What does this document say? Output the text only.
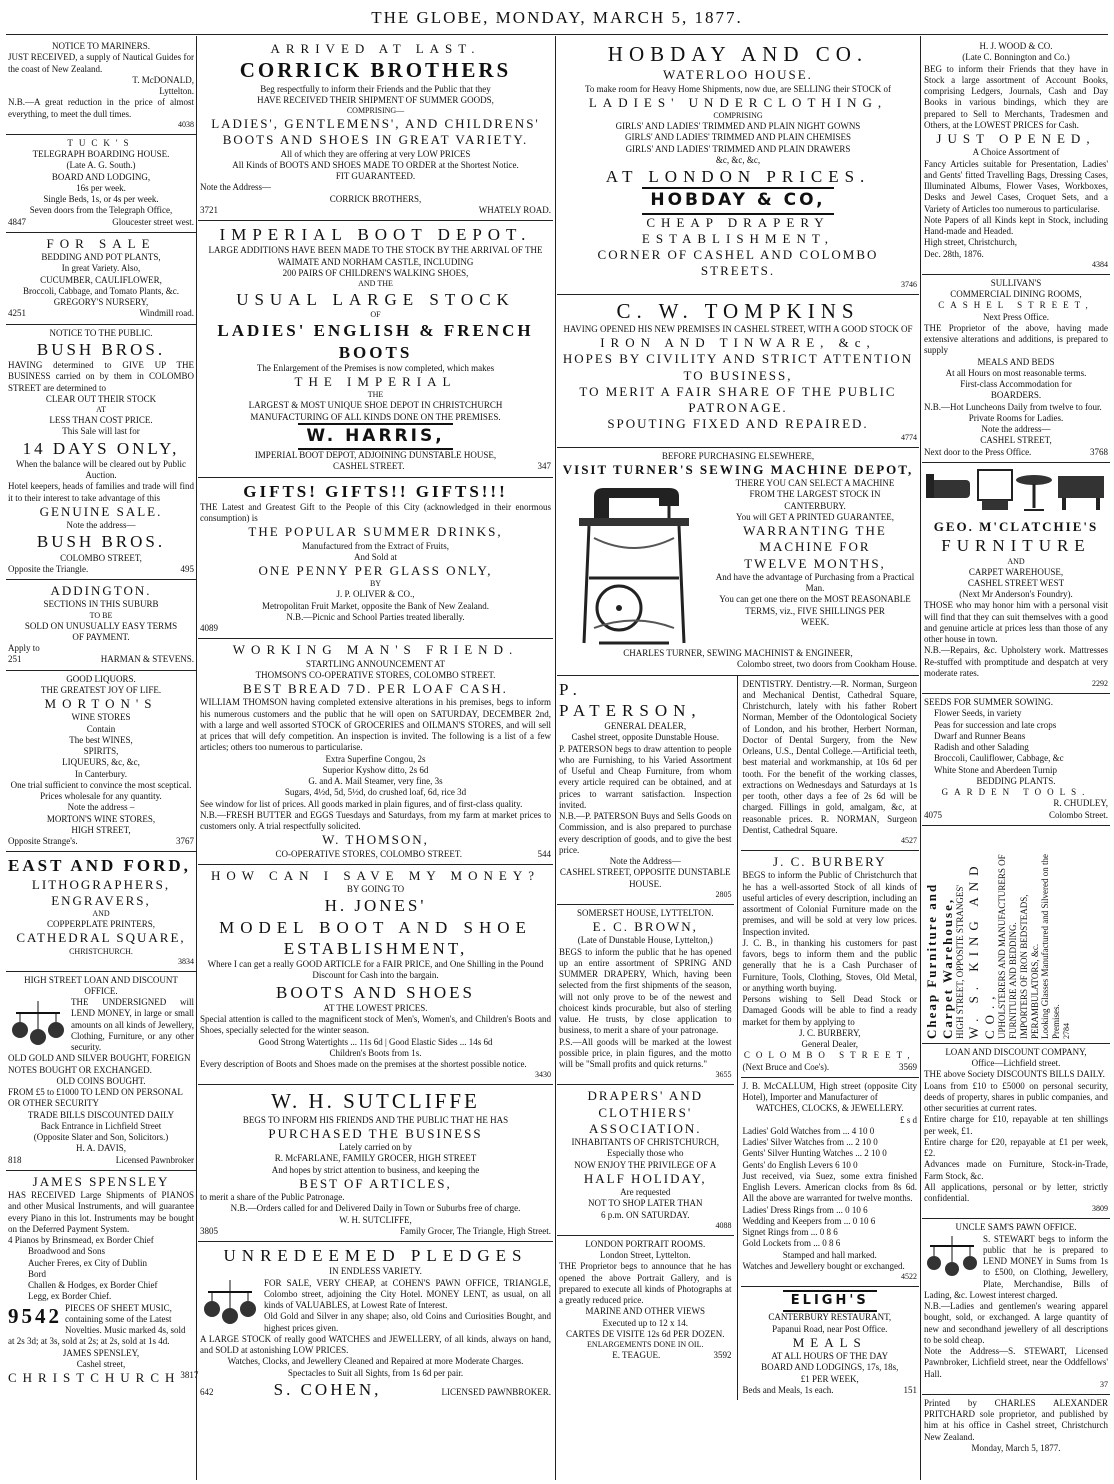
THE GLOBE, MONDAY, MARCH 5, 1877.
NOTICE TO MARINERS.
JUST RECEIVED, a supply of Nautical Guides for the coast of New Zealand.
T. McDONALD,
Lyttelton.
N.B.—A great reduction in the price of almost everything, to meet the dull times.
4038
TUCK'S
TELEGRAPH BOARDING HOUSE.
(Late A. G. South.)
BOARD AND LODGING,
16s per week.
Single Beds, 1s, or 4s per week.
Seven doors from the Telegraph Office,
4847	Gloucester street west.
FOR SALE
BEDDING AND POT PLANTS,
In great Variety. Also,
CUCUMBER, CAULIFLOWER,
Broccoli, Cabbage, and Tomato Plants, &c.
GREGORY'S NURSERY,
4251	Windmill road.
NOTICE TO THE PUBLIC.
BUSH BROS.
HAVING determined to GIVE UP THE BUSINESS carried on by them in COLOMBO STREET are determined to
CLEAR OUT THEIR STOCK
AT
LESS THAN COST PRICE.
This Sale will last for
14 DAYS ONLY,
When the balance will be cleared out by Public Auction.
Hotel keepers, heads of families and trade will find it to their interest to take advantage of this
GENUINE SALE.
Note the address—
BUSH BROS.
COLOMBO STREET,
Opposite the Triangle.	495
ADDINGTON.
SECTIONS IN THIS SUBURB
TO BE
SOLD ON UNUSUALLY EASY TERMS
OF PAYMENT.
Apply to
251	HARMAN & STEVENS.
GOOD LIQUORS.
THE GREATEST JOY OF LIFE.
MORTON'S
WINE STORES
Contain
The best WINES,
SPIRITS,
LIQUEURS, &c, &c,
In Canterbury.
One trial sufficient to convince the most sceptical.
Prices wholesale for any quantity.
Note the address –
MORTON'S WINE STORES,
HIGH STREET,
Opposite Strange's.	3767
EAST AND FORD,
LITHOGRAPHERS, ENGRAVERS,
AND
COPPERPLATE PRINTERS,
CATHEDRAL SQUARE,
CHRISTCHURCH.
3834
HIGH STREET LOAN AND DISCOUNT OFFICE.
THE UNDERSIGNED will LEND MONEY, in large or small amounts on all kinds of Jewellery, Clothing, Furniture, or any other security.
OLD GOLD AND SILVER BOUGHT, FOREIGN NOTES BOUGHT OR EXCHANGED.
OLD COINS BOUGHT.
FROM £5 to £1000 TO LEND ON PERSONAL OR OTHER SECURITY
TRADE BILLS DISCOUNTED DAILY
Back Entrance in Lichfield Street
(Opposite Slater and Son, Solicitors.)
H. A. DAVIS,
818	Licensed Pawnbroker
JAMES SPENSLEY
HAS RECEIVED Large Shipments of PIANOS and other Musical Instruments, and will guarantee every Piano in this lot. Instruments may be bought on the Deferred Payment System.
4 Pianos by Brinsmead, ex Border Chief
Broadwood and Sons
Aucher Freres, ex City of Dublin
Bord
Challen & Hodges, ex Border Chief
Legg, ex Border Chief.
9542 PIECES OF SHEET MUSIC, containing some of the Latest Novelties. Music marked 4s, sold at 2s 3d; at 3s, sold at 2s; at 2s, sold at 1s 4d.
JAMES SPENSLEY,
Cashel street,
CHRISTCHURCH 3817
ARRIVED AT LAST.
CORRICK BROTHERS
Beg respectfully to inform their Friends and the Public that they
HAVE RECEIVED THEIR SHIPMENT OF SUMMER GOODS,
COMPRISING—
LADIES', GENTLEMENS', AND CHILDRENS'
BOOTS AND SHOES IN GREAT VARIETY.
All of which they are offering at very LOW PRICES
All Kinds of BOOTS AND SHOES MADE TO ORDER at the Shortest Notice.
FIT GUARANTEED.
Note the Address—
CORRICK BROTHERS,
3721	WHATELY ROAD.
IMPERIAL BOOT DEPOT.
LARGE ADDITIONS HAVE BEEN MADE TO THE STOCK BY THE ARRIVAL OF THE WAIMATE AND NORHAM CASTLE, INCLUDING
200 PAIRS OF CHILDREN'S WALKING SHOES,
AND THE
USUAL LARGE STOCK
OF
LADIES' ENGLISH & FRENCH BOOTS
The Enlargement of the Premises is now completed, which makes
THE IMPERIAL
THE
LARGEST & MOST UNIQUE SHOE DEPOT IN CHRISTCHURCH
MANUFACTURING OF ALL KINDS DONE ON THE PREMISES.
W. HARRIS,
IMPERIAL BOOT DEPOT, ADJOINING DUNSTABLE HOUSE,
CASHEL STREET.	347
GIFTS! GIFTS!! GIFTS!!!
THE Latest and Greatest Gift to the People of this City (acknowledged in their enormous consumption) is
THE POPULAR SUMMER DRINKS,
Manufactured from the Extract of Fruits,
And Sold at
ONE PENNY PER GLASS ONLY,
BY
J. P. OLIVER & CO.,
Metropolitan Fruit Market, opposite the Bank of New Zealand.
N.B.—Picnic and School Parties treated liberally.
4089
WORKING MAN'S FRIEND.
STARTLING ANNOUNCEMENT AT
THOMSON'S CO-OPERATIVE STORES, COLOMBO STREET.
BEST BREAD 7D. PER LOAF CASH.
WILLIAM THOMSON having completed extensive alterations in his premises, begs to inform his numerous customers and the public that he will open on SATURDAY, DECEMBER 2nd, with a large and well assorted STOCK of GROCERIES and OILMAN'S STORES, and will sell at prices that will defy competition. An inspection is invited. The following is a list of a few articles; others too numerous to particularise.
Extra Superfine Congou, 2s
Superior Kyshow ditto, 2s 6d
G. and A. Mail Steamer, very fine, 3s
Sugars, 4½d, 5d, 5½d, do crushed loaf, 6d, rice 3d
See window for list of prices. All goods marked in plain figures, and of first-class quality.
N.B.—FRESH BUTTER and EGGS Tuesdays and Saturdays, from my farm at market prices to customers only. A trial respectfully solicited.
W. THOMSON,
CO-OPERATIVE STORES, COLOMBO STREET.	544
HOW CAN I SAVE MY MONEY?
BY GOING TO
H. JONES'
MODEL BOOT AND SHOE
ESTABLISHMENT,
Where I can get a really GOOD ARTICLE for a FAIR PRICE, and One Shilling in the Pound Discount for Cash into the bargain.
BOOTS AND SHOES
AT THE LOWEST PRICES.
Special attention is called to the magnificent stock of Men's, Women's, and Children's Boots and Shoes, specially selected for the winter season.
Good Strong Watertights ... 11s 6d | Good Elastic Sides ... 14s 6d
Children's Boots from 1s.
Every description of Boots and Shoes made on the premises at the shortest possible notice.
3430
W. H. SUTCLIFFE
BEGS TO INFORM HIS FRIENDS AND THE PUBLIC THAT HE HAS
PURCHASED THE BUSINESS
Lately carried on by
R. McFARLANE, FAMILY GROCER, HIGH STREET
And hopes by strict attention to business, and keeping the
BEST OF ARTICLES,
to merit a share of the Public Patronage.
N.B.—Orders called for and Delivered Daily in Town or Suburbs free of charge.
W. H. SUTCLIFFE,
3805	Family Grocer, The Triangle, High Street.
UNREDEEMED PLEDGES
IN ENDLESS VARIETY.
FOR SALE, VERY CHEAP, at COHEN'S PAWN OFFICE, TRIANGLE, Colombo street, adjoining the City Hotel. MONEY LENT, as usual, on all kinds of VALUABLES, at Lowest Rate of Interest.
Old Gold and Silver in any shape; also, old Coins and Curiosities Bought, and highest prices given.
A LARGE STOCK of really good WATCHES and JEWELLERY, of all kinds, always on hand, and SOLD at astonishing LOW PRICES.
Watches, Clocks, and Jewellery Cleaned and Repaired at more Moderate Charges.
Spectacles to Suit all Sights, from 1s 6d per pair.
642	S. COHEN,	LICENSED PAWNBROKER.
HOBDAY AND CO.
WATERLOO HOUSE.
To make room for Heavy Home Shipments, now due, are SELLING their STOCK of
LADIES' UNDERCLOTHING,
COMPRISING
GIRLS' AND LADIES' TRIMMED AND PLAIN NIGHT GOWNS
GIRLS' AND LADIES' TRIMMED AND PLAIN CHEMISES
GIRLS' AND LADIES' TRIMMED AND PLAIN DRAWERS
&c, &c, &c,
AT LONDON PRICES.
HOBDAY & CO,
CHEAP DRAPERY ESTABLISHMENT,
CORNER OF CASHEL AND COLOMBO STREETS.
3746
C. W. TOMPKINS
HAVING OPENED HIS NEW PREMISES IN CASHEL STREET, WITH A GOOD STOCK OF
IRON AND TINWARE, &c,
HOPES BY CIVILITY AND STRICT ATTENTION TO BUSINESS,
TO MERIT A FAIR SHARE OF THE PUBLIC PATRONAGE.
SPOUTING FIXED AND REPAIRED.
4774
BEFORE PURCHASING ELSEWHERE,
VISIT TURNER'S SEWING MACHINE DEPOT,
THERE YOU CAN SELECT A MACHINE
FROM THE LARGEST STOCK IN
CANTERBURY.
You will GET A PRINTED GUARANTEE,
WARRANTING THE MACHINE FOR
TWELVE MONTHS,
And have the advantage of Purchasing from a Practical Man.
You can get one there on the MOST REASONABLE
TERMS, viz., FIVE SHILLINGS PER
WEEK.
CHARLES TURNER, SEWING MACHINIST & ENGINEER,
Colombo street, two doors from Cookham House.
P. PATERSON,
GENERAL DEALER,
Cashel street, opposite Dunstable House.
P. PATERSON begs to draw attention to people who are Furnishing, to his Varied Assortment of Useful and Cheap Furniture, from whom every article required can be obtained, and at prices to warrant satisfaction. Inspection invited.
N.B.—P. PATERSON Buys and Sells Goods on Commission, and is also prepared to purchase every description of goods, and to give the best price.
Note the Address—
CASHEL STREET, OPPOSITE DUNSTABLE HOUSE.
2805
SOMERSET HOUSE, LYTTELTON.
E. C. BROWN,
(Late of Dunstable House, Lyttelton,)
BEGS to inform the public that he has opened up an entire assortment of SPRING AND SUMMER DRAPERY, Which, having been selected from the first shipments of the season, will not only prove to be of the newest and choicest kinds procurable, but also of sterling value. He trusts, by close application to business, to merit a share of your patronage.
P.S.—All goods will be marked at the lowest possible price, in plain figures, and the motto will be "Small profits and quick returns."
3655
DRAPERS' AND CLOTHIERS' ASSOCIATION.
INHABITANTS OF CHRISTCHURCH,
Especially those who
NOW ENJOY THE PRIVILEGE OF A
HALF HOLIDAY,
Are requested
NOT TO SHOP LATER THAN
6 p.m. ON SATURDAY.
4088
LONDON PORTRAIT ROOMS.
London Street, Lyttelton.
THE Proprietor begs to announce that he has opened the above Portrait Gallery, and is prepared to execute all kinds of Photographs at a greatly reduced price.
MARINE AND OTHER VIEWS
Executed up to 12 x 14.
CARTES DE VISITE 12s 6d PER DOZEN.
ENLARGEMENTS DONE IN OIL.
E. TEAGUE.	3592
DENTISTRY. Dentistry.—R. Norman, Surgeon and Mechanical Dentist, Cathedral Square, Christchurch, lately with his father Robert Norman, Member of the Odontological Society of London, and his brother, Herbert Norman, Doctor of Dental Surgery, from the New Orleans, U.S., Dental College.—Artificial teeth, best material and workmanship, at 10s 6d per tooth. For the benefit of the working classes, extractions on Wednesdays and Saturdays at 1s per tooth, other days a fee of 2s 6d will be charged. Fillings in gold, amalgam, &c, at reasonable prices. R. NORMAN, Surgeon Dentist, Cathedral Square.
4527
J. C. BURBERY
BEGS to inform the Public of Christchurch that he has a well-assorted Stock of all kinds of useful articles of every description, including an assortment of Colonial Furniture made on the premises, and will be sold at very low prices. Inspection invited.
J. C. B., in thanking his customers for past favors, begs to inform them and the public generally that he is a Cash Purchaser of Furniture, Tools, Clothing, Stoves, Old Metal, or anything worth buying.
Persons wishing to Sell Dead Stock or Damaged Goods will be able to find a ready market for them by applying to
J. C. BURBERY,
General Dealer,
COLOMBO STREET,
(Next Bruce and Coe's).	3569
J. B. McCALLUM, High street (opposite City Hotel), Importer and Manufacturer of
WATCHES, CLOCKS, & JEWELLERY.
£ s d
Ladies' Gold Watches from ... 4 10 0
Ladies' Silver Watches from ... 2 10 0
Gents' Silver Hunting Watches ... 2 10 0
Gents' do English Levers 6 10 0
Just received, via Suez, some extra finished English Levers. American clocks from 8s 6d. All the above are warranted for twelve months.
Ladies' Dress Rings from ... 0 10 6
Wedding and Keepers from ... 0 10 6
Signet Rings from ... 0 8 6
Gold Lockets from ... 0 8 6
Stamped and hall marked.
Watches and Jewellery bought or exchanged.
4522
ELIGH'S
CANTERBURY RESTAURANT,
Papanui Road, near Post Office.
MEALS
AT ALL HOURS OF THE DAY
BOARD AND LODGINGS, 17s, 18s,
£1 PER WEEK,
Beds and Meals, 1s each.	151
H. J. WOOD & CO.
(Late C. Bonnington and Co.)
BEG to inform their Friends that they have in Stock a large assortment of Account Books, comprising Ledgers, Journals, Cash and Day Books in various bindings, which they are prepared to Sell to Merchants, Tradesmen and Others, at the LOWEST PRICES for Cash.
JUST OPENED,
A Choice Assortment of
Fancy Articles suitable for Presentation, Ladies' and Gents' fitted Travelling Bags, Dressing Cases, Illuminated Albums, Flower Vases, Workboxes, Desks and Jewel Cases, Croquet Sets, and a Variety of Articles too numerous to particularise.
Note Papers of all Kinds kept in Stock, including Hand-made and Headed.
High street, Christchurch,
Dec. 28th, 1876.
4384
SULLIVAN'S
COMMERCIAL DINING ROOMS,
CASHEL STREET,
Next Press Office.
THE Proprietor of the above, having made extensive alterations and additions, is prepared to supply
MEALS AND BEDS
At all Hours on most reasonable terms.
First-class Accommodation for
BOARDERS.
N.B.—Hot Luncheons Daily from twelve to four.
Private Rooms for Ladies.
Note the address—
CASHEL STREET,
Next door to the Press Office.	3768
GEO. M'CLATCHIE'S
FURNITURE
AND
CARPET WAREHOUSE,
CASHEL STREET WEST
(Next Mr Anderson's Foundry).
THOSE who may honor him with a personal visit will find that they can suit themselves with a good and genuine article at prices less than those of any other house in town.
N.B.—Repairs, &c. Upholstery work. Mattresses Re-stuffed with promptitude and despatch at very moderate rates.
2292
SEEDS FOR SUMMER SOWING.
Flower Seeds, in variety
Peas for succession and late crops
Dwarf and Runner Beans
Radish and other Salading
Broccoli, Cauliflower, Cabbage, &c
White Stone and Aberdeen Turnip
BEDDING PLANTS.
GARDEN TOOLS.
R. CHUDLEY,
4075	Colombo Street.
Cheap Furniture and Carpet Warehouse, HIGH STREET, OPPOSITE STRANGES' W. S. KING AND CO., UPHOLSTERERS AND MANUFACTURERS OF FURNITURE AND BEDDING. IMPORTERS OF IRON BEDSTEADS, PERAMBULATORS, &c. Looking Glasses Manufactured and Silvered on the Premises. 2784
LOAN AND DISCOUNT COMPANY,
Office—Lichfield street.
THE above Society DISCOUNTS BILLS DAILY.
Loans from £10 to £5000 on personal security, deeds of property, shares in public companies, and other securities at current rates.
Entire charge for £10, repayable at ten shillings per week, £1.
Entire charge for £20, repayable at £1 per week, £2.
Advances made on Furniture, Stock-in-Trade, Farm Stock, &c.
All applications, personal or by letter, strictly confidential.
3809
UNCLE SAM'S PAWN OFFICE.
S. STEWART begs to inform the public that he is prepared to LEND MONEY in Sums from 1s to £500, on Clothing, Jewellery, Plate, Merchandise, Bills of Lading, &c. Lowest interest charged.
N.B.—Ladies and gentlemen's wearing apparel bought, sold, or exchanged. A large quantity of new and secondhand jewellery of all descriptions to be sold cheap.
Note the Address—S. STEWART, Licensed Pawnbroker, Lichfield street, near the Oddfellows' Hall.
37
Printed by CHARLES ALEXANDER PRITCHARD sole proprietor, and published by him at his office in Cashel street, Christchurch New Zealand.
Monday, March 5, 1877.
